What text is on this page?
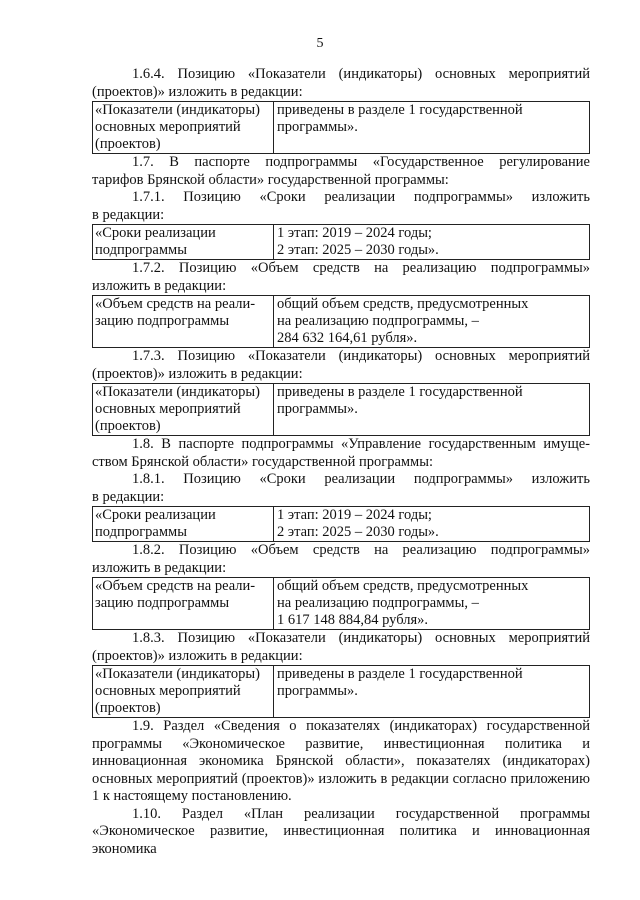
5
1.6.4. Позицию «Показатели (индикаторы) основных мероприятий
(проектов)» изложить в редакции:
«Показатели (индикаторы)
основных мероприятий
(проектов)

приведены в разделе 1 государственной
программы».
1.7. В паспорте подпрограммы «Государственное регулирование
тарифов Брянской области» государственной программы:
1.7.1. Позицию «Сроки реализации подпрограммы» изложить
в редакции:
«Сроки реализации
подпрограммы

1 этап: 2019 – 2024 годы;
2 этап: 2025 – 2030 годы».
1.7.2. Позицию «Объем средств на реализацию подпрограммы»
изложить в редакции:
«Объем средств на реали-
зацию подпрограммы

общий объем средств, предусмотренных
на реализацию подпрограммы, –
284 632 164,61 рубля».
1.7.3. Позицию «Показатели (индикаторы) основных мероприятий
(проектов)» изложить в редакции:
«Показатели (индикаторы)
основных мероприятий
(проектов)

приведены в разделе 1 государственной
программы».
1.8. В паспорте подпрограммы «Управление государственным имуще-
ством Брянской области» государственной программы:
1.8.1. Позицию «Сроки реализации подпрограммы» изложить
в редакции:
«Сроки реализации
подпрограммы

1 этап: 2019 – 2024 годы;
2 этап: 2025 – 2030 годы».
1.8.2. Позицию «Объем средств на реализацию подпрограммы»
изложить в редакции:
«Объем средств на реали-
зацию подпрограммы

общий объем средств, предусмотренных
на реализацию подпрограммы, –
1 617 148 884,84 рубля».
1.8.3. Позицию «Показатели (индикаторы) основных мероприятий
(проектов)» изложить в редакции:
«Показатели (индикаторы)
основных мероприятий
(проектов)

приведены в разделе 1 государственной
программы».

1.9. Раздел «Сведения о показателях (индикаторах) государственной программы «Экономическое развитие, инвестиционная политика и инновационная экономика Брянской области», показателях (индикаторах) основных мероприятий (проектов)» изложить в редакции согласно приложению 1 к настоящему постановлению.

1.10. Раздел «План реализации государственной программы «Экономическое развитие, инвестиционная политика и инновационная экономика
